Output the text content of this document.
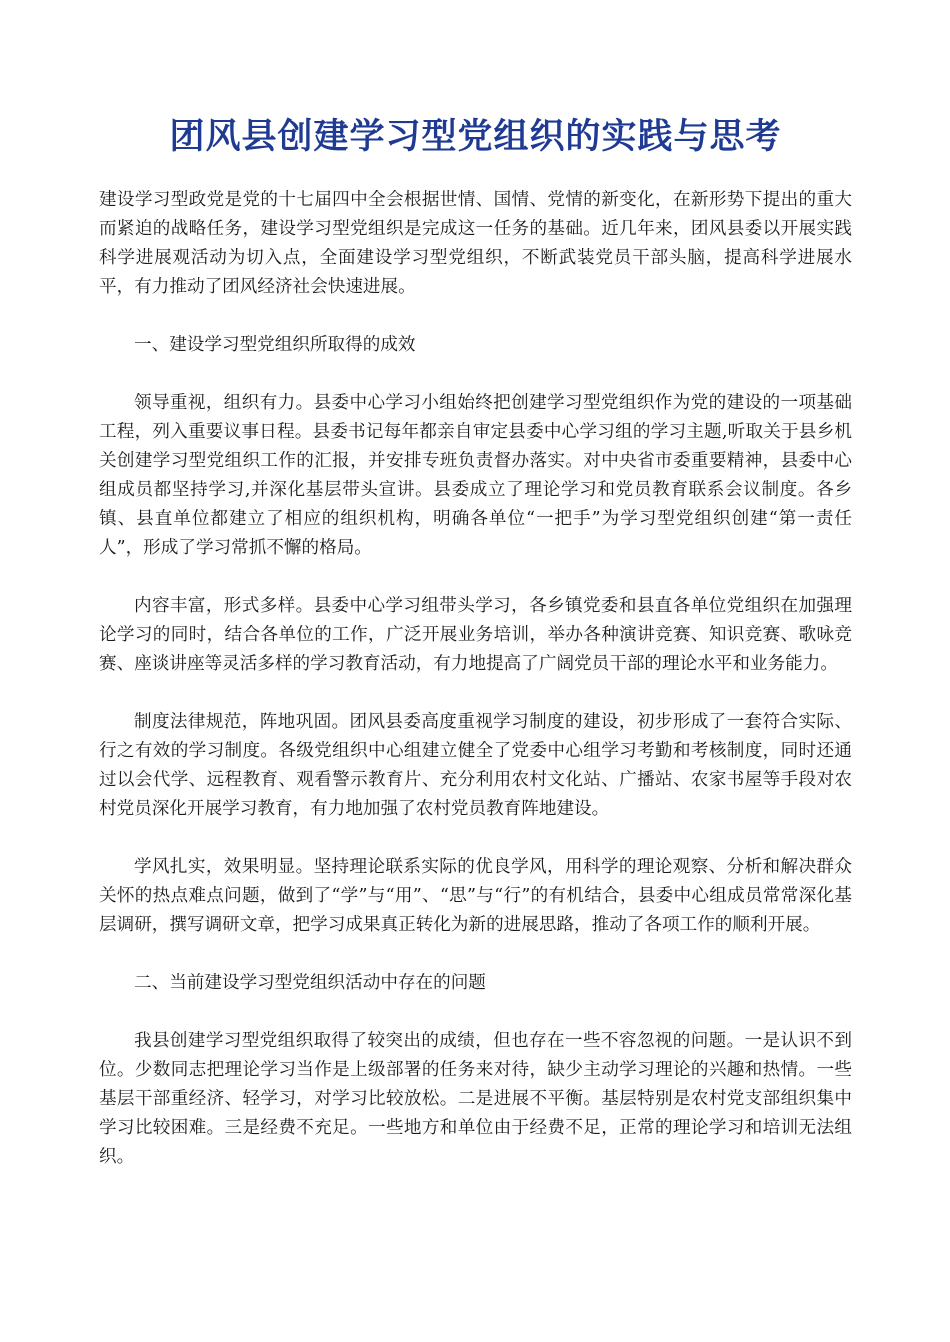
团风县创建学习型党组织的实践与思考

建设学习型政党是党的十七届四中全会根据世情、国情、党情的新变化，在新形势下提出的重大而紧迫的战略任务，建设学习型党组织是完成这一任务的基础。近几年来，团风县委以开展实践科学进展观活动为切入点，全面建设学习型党组织，不断武装党员干部头脑，提高科学进展水平，有力推动了团风经济社会快速进展。

一、建设学习型党组织所取得的成效

领导重视，组织有力。县委中心学习小组始终把创建学习型党组织作为党的建设的一项基础工程，列入重要议事日程。县委书记每年都亲自审定县委中心学习组的学习主题,听取关于县乡机关创建学习型党组织工作的汇报，并安排专班负责督办落实。对中央省市委重要精神，县委中心组成员都坚持学习,并深化基层带头宣讲。县委成立了理论学习和党员教育联系会议制度。各乡镇、县直单位都建立了相应的组织机构，明确各单位“一把手”为学习型党组织创建“第一责任人”，形成了学习常抓不懈的格局。

内容丰富，形式多样。县委中心学习组带头学习，各乡镇党委和县直各单位党组织在加强理论学习的同时，结合各单位的工作，广泛开展业务培训，举办各种演讲竞赛、知识竞赛、歌咏竞赛、座谈讲座等灵活多样的学习教育活动，有力地提高了广阔党员干部的理论水平和业务能力。

制度法律规范，阵地巩固。团风县委高度重视学习制度的建设，初步形成了一套符合实际、行之有效的学习制度。各级党组织中心组建立健全了党委中心组学习考勤和考核制度，同时还通过以会代学、远程教育、观看警示教育片、充分利用农村文化站、广播站、农家书屋等手段对农村党员深化开展学习教育，有力地加强了农村党员教育阵地建设。

学风扎实，效果明显。坚持理论联系实际的优良学风，用科学的理论观察、分析和解决群众关怀的热点难点问题，做到了“学”与“用”、“思”与“行”的有机结合，县委中心组成员常常深化基层调研，撰写调研文章，把学习成果真正转化为新的进展思路，推动了各项工作的顺利开展。

二、当前建设学习型党组织活动中存在的问题

我县创建学习型党组织取得了较突出的成绩，但也存在一些不容忽视的问题。一是认识不到位。少数同志把理论学习当作是上级部署的任务来对待，缺少主动学习理论的兴趣和热情。一些基层干部重经济、轻学习，对学习比较放松。二是进展不平衡。基层特别是农村党支部组织集中学习比较困难。三是经费不充足。一些地方和单位由于经费不足，正常的理论学习和培训无法组织。
